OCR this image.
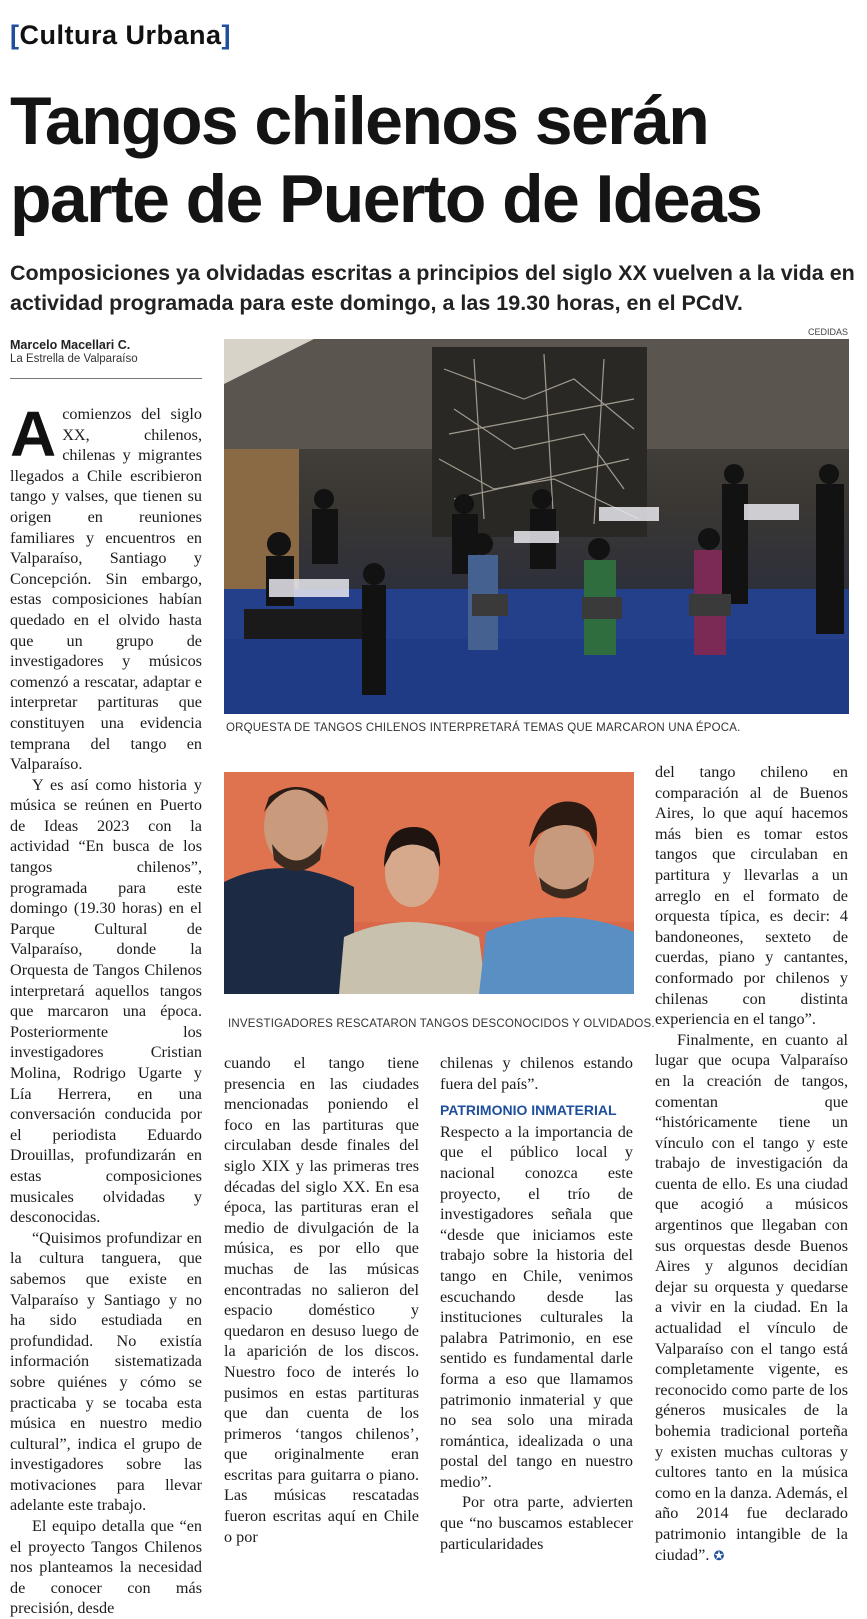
[Cultura Urbana]
Tangos chilenos serán parte de Puerto de Ideas
Composiciones ya olvidadas escritas a principios del siglo XX vuelven a la vida en actividad programada para este domingo, a las 19.30 horas, en el PCdV.
CEDIDAS
Marcelo Macellari C.
La Estrella de Valparaíso
ORQUESTA DE TANGOS CHILENOS INTERPRETARÁ TEMAS QUE MARCARON UNA ÉPOCA.
INVESTIGADORES RESCATARON TANGOS DESCONOCIDOS Y OLVIDADOS.

Acomienzos del siglo XX, chilenos, chilenas y migrantes llegados a Chile escribieron tango y valses, que tienen su origen en reuniones familiares y encuentros en Valparaíso, Santiago y Concepción. Sin embargo, estas composiciones habían quedado en el olvido hasta que un grupo de investigadores y músicos comenzó a rescatar, adaptar e interpretar partituras que constituyen una evidencia temprana del tango en Valparaíso.

Y es así como historia y música se reúnen en Puerto de Ideas 2023 con la actividad “En busca de los tangos chilenos”, programada para este domingo (19.30 horas) en el Parque Cultural de Valparaíso, donde la Orquesta de Tangos Chilenos interpretará aquellos tangos que marcaron una época. Posteriormente los investigadores Cristian Molina, Rodrigo Ugarte y Lía Herrera, en una conversación conducida por el periodista Eduardo Drouillas, profundizarán en estas composiciones musicales olvidadas y desconocidas.

“Quisimos profundizar en la cultura tanguera, que sabemos que existe en Valparaíso y Santiago y no ha sido estudiada en profundidad. No existía información sistematizada sobre quiénes y cómo se practicaba y se tocaba esta música en nuestro medio cultural”, indica el grupo de investigadores sobre las motivaciones para llevar adelante este trabajo.

El equipo detalla que “en el proyecto Tangos Chilenos nos planteamos la necesidad de conocer con más precisión, desde

cuando el tango tiene presencia en las ciudades mencionadas poniendo el foco en las partituras que circulaban desde finales del siglo XIX y las primeras tres décadas del siglo XX. En esa época, las partituras eran el medio de divulgación de la música, es por ello que muchas de las músicas encontradas no salieron del espacio doméstico y quedaron en desuso luego de la aparición de los discos. Nuestro foco de interés lo pusimos en estas partituras que dan cuenta de los primeros ‘tangos chilenos’, que originalmente eran escritas para guitarra o piano. Las músicas rescatadas fueron escritas aquí en Chile o por

chilenas y chilenos estando fuera del país”.

PATRIMONIO INMATERIAL

Respecto a la importancia de que el público local y nacional conozca este proyecto, el trío de investigadores señala que “desde que iniciamos este trabajo sobre la historia del tango en Chile, venimos escuchando desde las instituciones culturales la palabra Patrimonio, en ese sentido es fundamental darle forma a eso que llamamos patrimonio inmaterial y que no sea solo una mirada romántica, idealizada o una postal del tango en nuestro medio”.

Por otra parte, advierten que “no buscamos establecer particularidades

del tango chileno en comparación al de Buenos Aires, lo que aquí hacemos más bien es tomar estos tangos que circulaban en partitura y llevarlas a un arreglo en el formato de orquesta típica, es decir: 4 bandoneones, sexteto de cuerdas, piano y cantantes, conformado por chilenos y chilenas con distinta experiencia en el tango”.

Finalmente, en cuanto al lugar que ocupa Valparaíso en la creación de tangos, comentan que “históricamente tiene un vínculo con el tango y este trabajo de investigación da cuenta de ello. Es una ciudad que acogió a músicos argentinos que llegaban con sus orquestas desde Buenos Aires y algunos decidían dejar su orquesta y quedarse a vivir en la ciudad. En la actualidad el vínculo de Valparaíso con el tango está completamente vigente, es reconocido como parte de los géneros musicales de la bohemia tradicional porteña y existen muchas cultoras y cultores tanto en la música como en la danza. Además, el año 2014 fue declarado patrimonio intangible de la ciudad”. ✪
